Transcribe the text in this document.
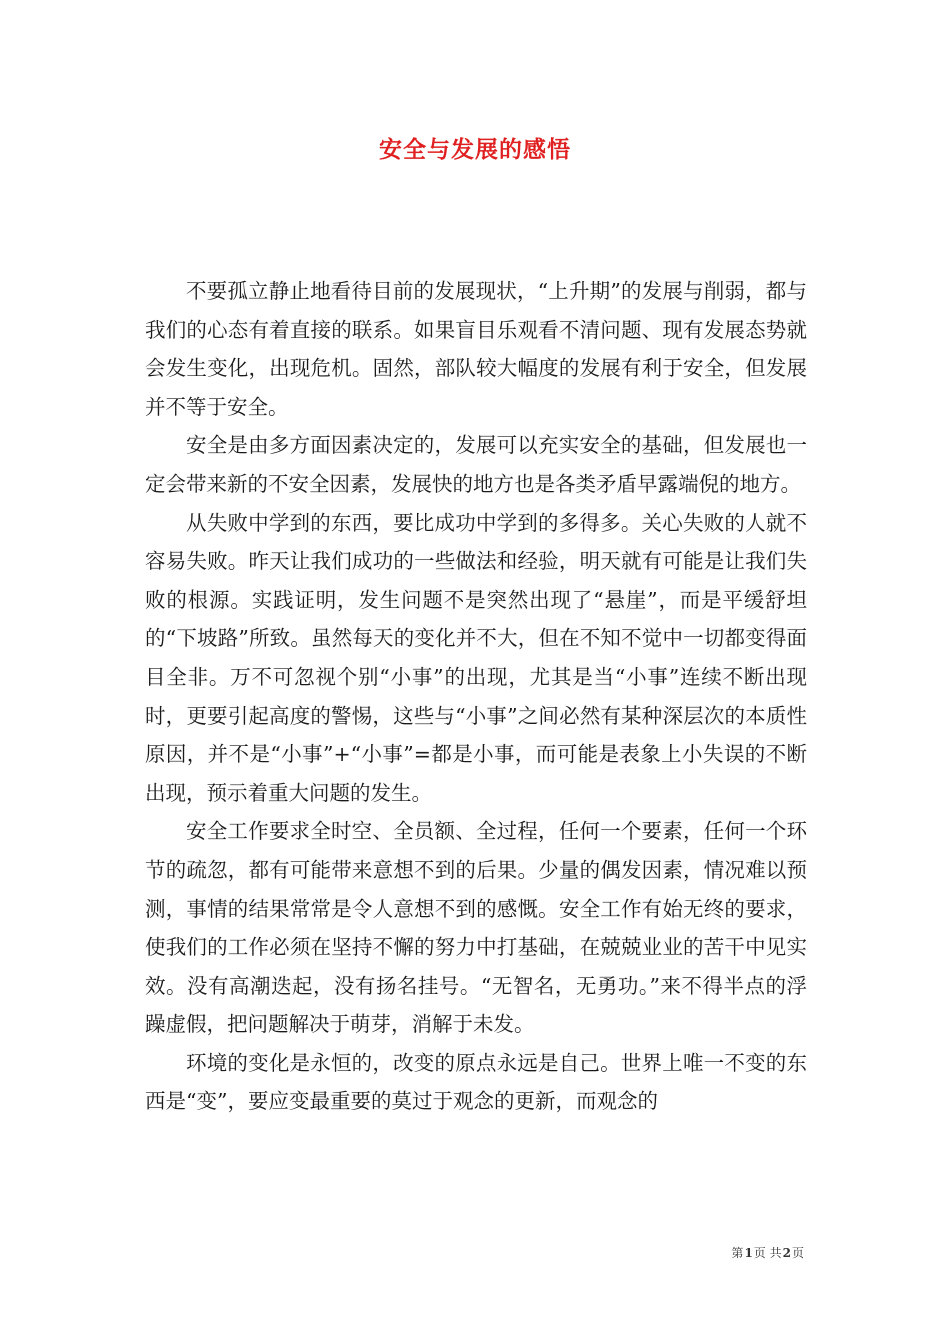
安全与发展的感悟

不要孤立静止地看待目前的发展现状，“上升期”的发展与削弱，都与我们的心态有着直接的联系。如果盲目乐观看不清问题、现有发展态势就会发生变化，出现危机。固然，部队较大幅度的发展有利于安全，但发展并不等于安全。

安全是由多方面因素决定的，发展可以充实安全的基础，但发展也一定会带来新的不安全因素，发展快的地方也是各类矛盾早露端倪的地方。

从失败中学到的东西，要比成功中学到的多得多。关心失败的人就不容易失败。昨天让我们成功的一些做法和经验，明天就有可能是让我们失败的根源。实践证明，发生问题不是突然出现了“悬崖”，而是平缓舒坦的“下坡路”所致。虽然每天的变化并不大，但在不知不觉中一切都变得面目全非。万不可忽视个别“小事”的出现，尤其是当“小事”连续不断出现时，更要引起高度的警惕，这些与“小事”之间必然有某种深层次的本质性原因，并不是“小事”+“小事”=都是小事，而可能是表象上小失误的不断出现，预示着重大问题的发生。

安全工作要求全时空、全员额、全过程，任何一个要素，任何一个环节的疏忽，都有可能带来意想不到的后果。少量的偶发因素，情况难以预测，事情的结果常常是令人意想不到的感慨。安全工作有始无终的要求，使我们的工作必须在坚持不懈的努力中打基础，在兢兢业业的苦干中见实效。没有高潮迭起，没有扬名挂号。“无智名，无勇功。”来不得半点的浮躁虚假，把问题解决于萌芽，消解于未发。

环境的变化是永恒的，改变的原点永远是自己。世界上唯一不变的东西是“变”，要应变最重要的莫过于观念的更新，而观念的

第1页 共2页
